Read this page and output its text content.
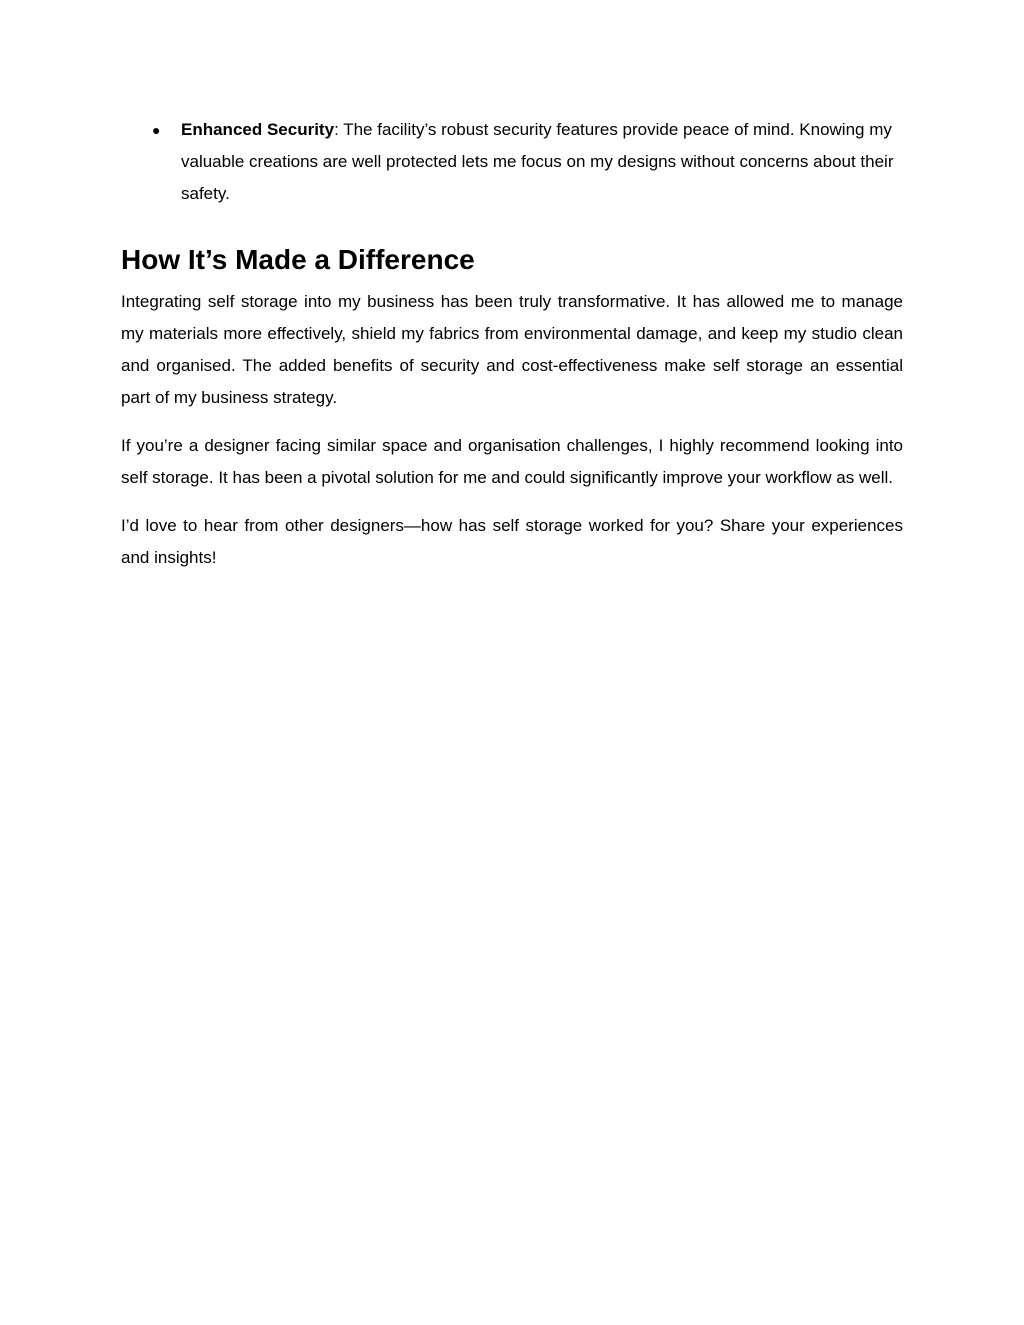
● Enhanced Security: The facility’s robust security features provide peace of mind. Knowing my valuable creations are well protected lets me focus on my designs without concerns about their safety.
How It’s Made a Difference

Integrating self storage into my business has been truly transformative. It has allowed me to manage my materials more effectively, shield my fabrics from environmental damage, and keep my studio clean and organised. The added benefits of security and cost-effectiveness make self storage an essential part of my business strategy.

If you’re a designer facing similar space and organisation challenges, I highly recommend looking into self storage. It has been a pivotal solution for me and could significantly improve your workflow as well.

I’d love to hear from other designers—how has self storage worked for you? Share your experiences and insights!
